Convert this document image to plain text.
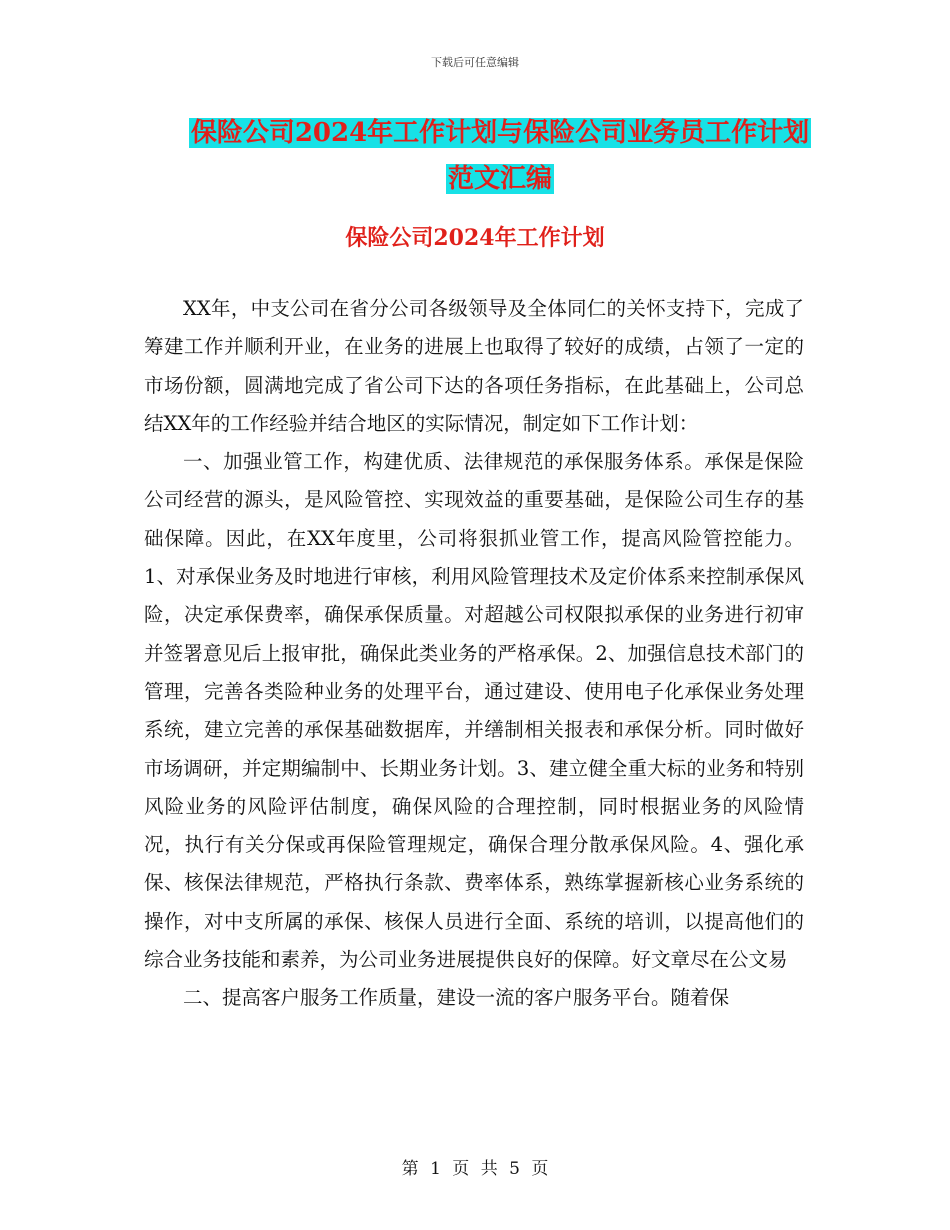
下载后可任意编辑
保险公司2024年工作计划与保险公司业务员工作计划
范文汇编
保险公司2024年工作计划

XX年，中支公司在省分公司各级领导及全体同仁的关怀支持下，完成了筹建工作并顺利开业，在业务的进展上也取得了较好的成绩，占领了一定的市场份额，圆满地完成了省公司下达的各项任务指标，在此基础上，公司总结XX年的工作经验并结合地区的实际情况，制定如下工作计划：

一、加强业管工作，构建优质、法律规范的承保服务体系。承保是保险公司经营的源头，是风险管控、实现效益的重要基础，是保险公司生存的基础保障。因此，在XX年度里，公司将狠抓业管工作，提高风险管控能力。1、对承保业务及时地进行审核，利用风险管理技术及定价体系来控制承保风险，决定承保费率，确保承保质量。对超越公司权限拟承保的业务进行初审并签署意见后上报审批，确保此类业务的严格承保。2、加强信息技术部门的管理，完善各类险种业务的处理平台，通过建设、使用电子化承保业务处理系统，建立完善的承保基础数据库，并缮制相关报表和承保分析。同时做好市场调研，并定期编制中、长期业务计划。3、建立健全重大标的业务和特别风险业务的风险评估制度，确保风险的合理控制，同时根据业务的风险情况，执行有关分保或再保险管理规定，确保合理分散承保风险。4、强化承保、核保法律规范，严格执行条款、费率体系，熟练掌握新核心业务系统的操作，对中支所属的承保、核保人员进行全面、系统的培训，以提高他们的综合业务技能和素养，为公司业务进展提供良好的保障。好文章尽在公文易

二、提高客户服务工作质量，建设一流的客户服务平台。随着保

第 1 页 共 5 页
